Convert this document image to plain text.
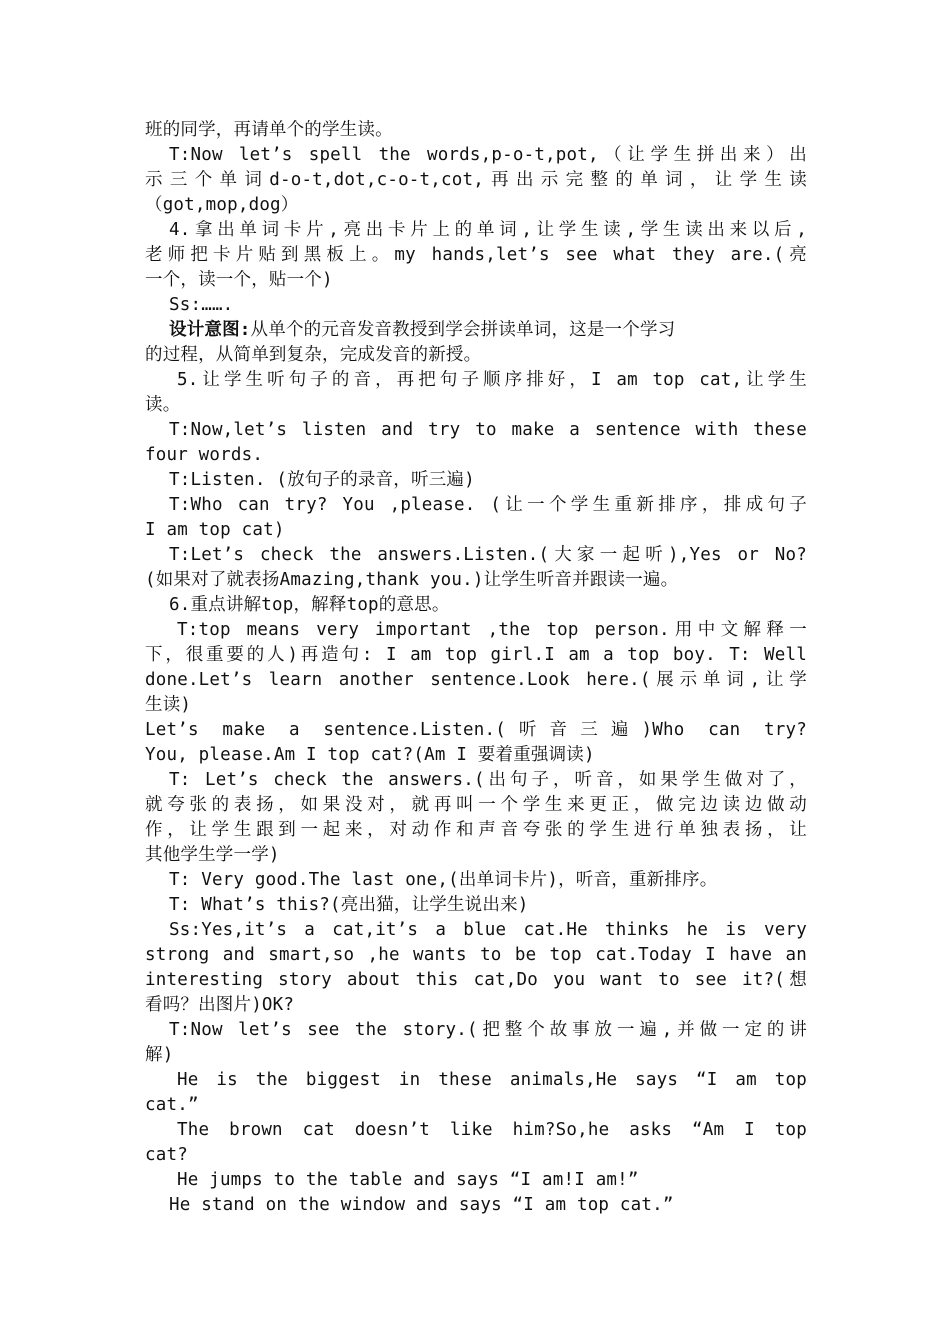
班的同学，再请单个的学生读。
T:Now let’s spell the words,p-o-t,pot,（让学生拼出来）出
示三个单词d-o-t,dot,c-o-t,cot,再出示完整的单词，让学生读
（got,mop,dog）
4.拿出单词卡片,亮出卡片上的单词,让学生读,学生读出来以后,
老师把卡片贴到黑板上。my hands,let’s see what they are.(亮
一个，读一个，贴一个)
Ss:…….
设计意图:从单个的元音发音教授到学会拼读单词，这是一个学习
的过程，从简单到复杂，完成发音的新授。
5.让学生听句子的音，再把句子顺序排好，I am top cat,让学生
读。
T:Now,let’s listen and try to make a sentence with these
four words.
T:Listen. (放句子的录音，听三遍)
T:Who can try? You ,please. (让一个学生重新排序，排成句子
I am top cat)
T:Let’s check the answers.Listen.(大家一起听),Yes or No?
(如果对了就表扬Amazing,thank you.)让学生听音并跟读一遍。
6.重点讲解top，解释top的意思。
T:top means very important ,the top person.用中文解释一
下，很重要的人)再造句: I am top girl.I am a top boy. T: Well
done.Let’s learn another sentence.Look here.(展示单词,让学
生读)
Let’s make a sentence.Listen.(听音三遍)Who can try?
You, please.Am I top cat?(Am I 要着重强调读)
T: Let’s check the answers.(出句子，听音，如果学生做对了，
就夸张的表扬，如果没对，就再叫一个学生来更正，做完边读边做动
作，让学生跟到一起来，对动作和声音夸张的学生进行单独表扬，让
其他学生学一学)
T: Very good.The last one,(出单词卡片)，听音，重新排序。
T: What’s this?(亮出猫，让学生说出来)
Ss:Yes,it’s a cat,it’s a blue cat.He thinks he is very
strong and smart,so ,he wants to be top cat.Today I have an
interesting story about this cat,Do you want to see it?(想
看吗？出图片)OK?
T:Now let’s see the story.(把整个故事放一遍,并做一定的讲
解)
He is the biggest in these animals,He says “I am top
cat.”
The brown cat doesn’t like him?So,he asks “Am I top
cat?
He jumps to the table and says “I am!I am!”
He stand on the window and says “I am top cat.”
